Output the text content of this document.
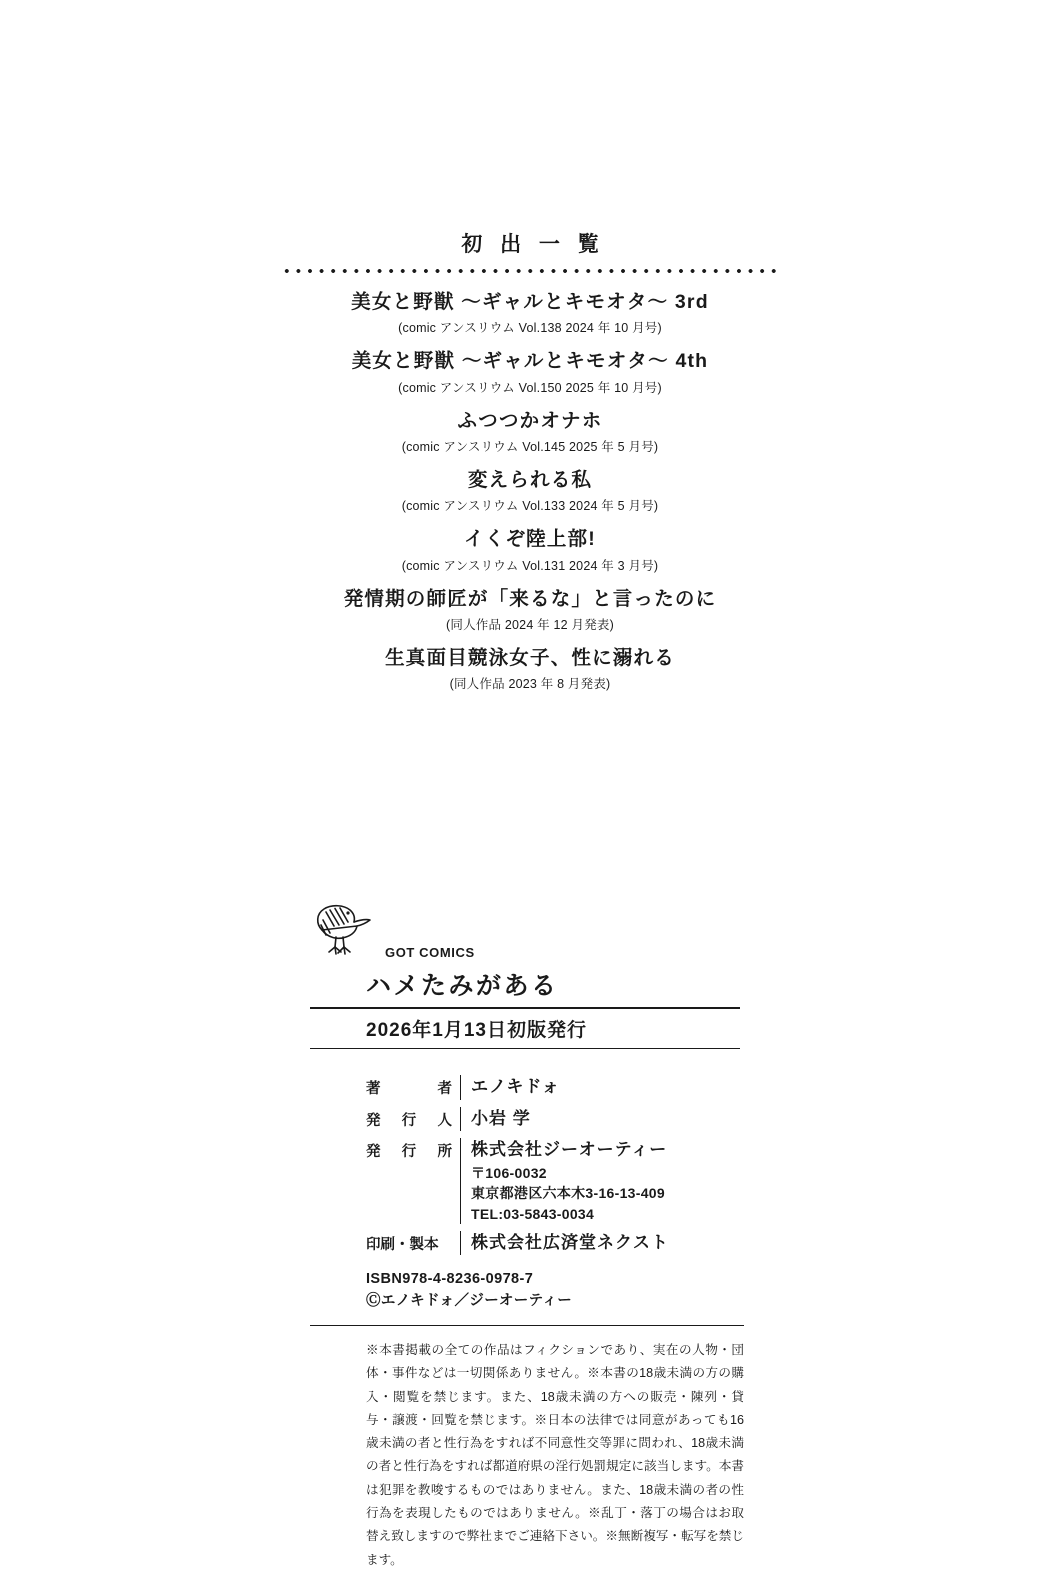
初 出 一 覧
美女と野獣 ～ギャルとキモオタ～ 3rd
(comic アンスリウム Vol.138 2024 年 10 月号)
美女と野獣 ～ギャルとキモオタ～ 4th
(comic アンスリウム Vol.150 2025 年 10 月号)
ふつつかオナホ
(comic アンスリウム Vol.145 2025 年 5 月号)
変えられる私
(comic アンスリウム Vol.133 2024 年 5 月号)
イくぞ陸上部!
(comic アンスリウム Vol.131 2024 年 3 月号)
発情期の師匠が「来るな」と言ったのに
(同人作品 2024 年 12 月発表)
生真面目競泳女子、性に溺れる
(同人作品 2023 年 8 月発表)
GOT COMICS
ハメたみがある
2026年1月13日初版発行
著	者 エノキドォ
発 行 人 小岩 学
発 行 所 株式会社ジーオーティー
〒106-0032
東京都港区六本木3-16-13-409
TEL:03-5843-0034
印刷・製本 株式会社広済堂ネクスト
ISBN978-4-8236-0978-7
Ⓒエノキドォ／ジーオーティー
※本書掲載の全ての作品はフィクションであり、実在の人物・団体・事件などは一切関係ありません。※本書の18歳未満の方の購入・閲覧を禁じます。また、18歳未満の方への販売・陳列・貸与・譲渡・回覧を禁じます。※日本の法律では同意があっても16歳未満の者と性行為をすれば不同意性交等罪に問われ、18歳未満の者と性行為をすれば都道府県の淫行処罰規定に該当します。本書は犯罪を教唆するものではありません。また、18歳未満の者の性行為を表現したものではありません。※乱丁・落丁の場合はお取替え致しますので弊社までご連絡下さい。※無断複写・転写を禁じます。
